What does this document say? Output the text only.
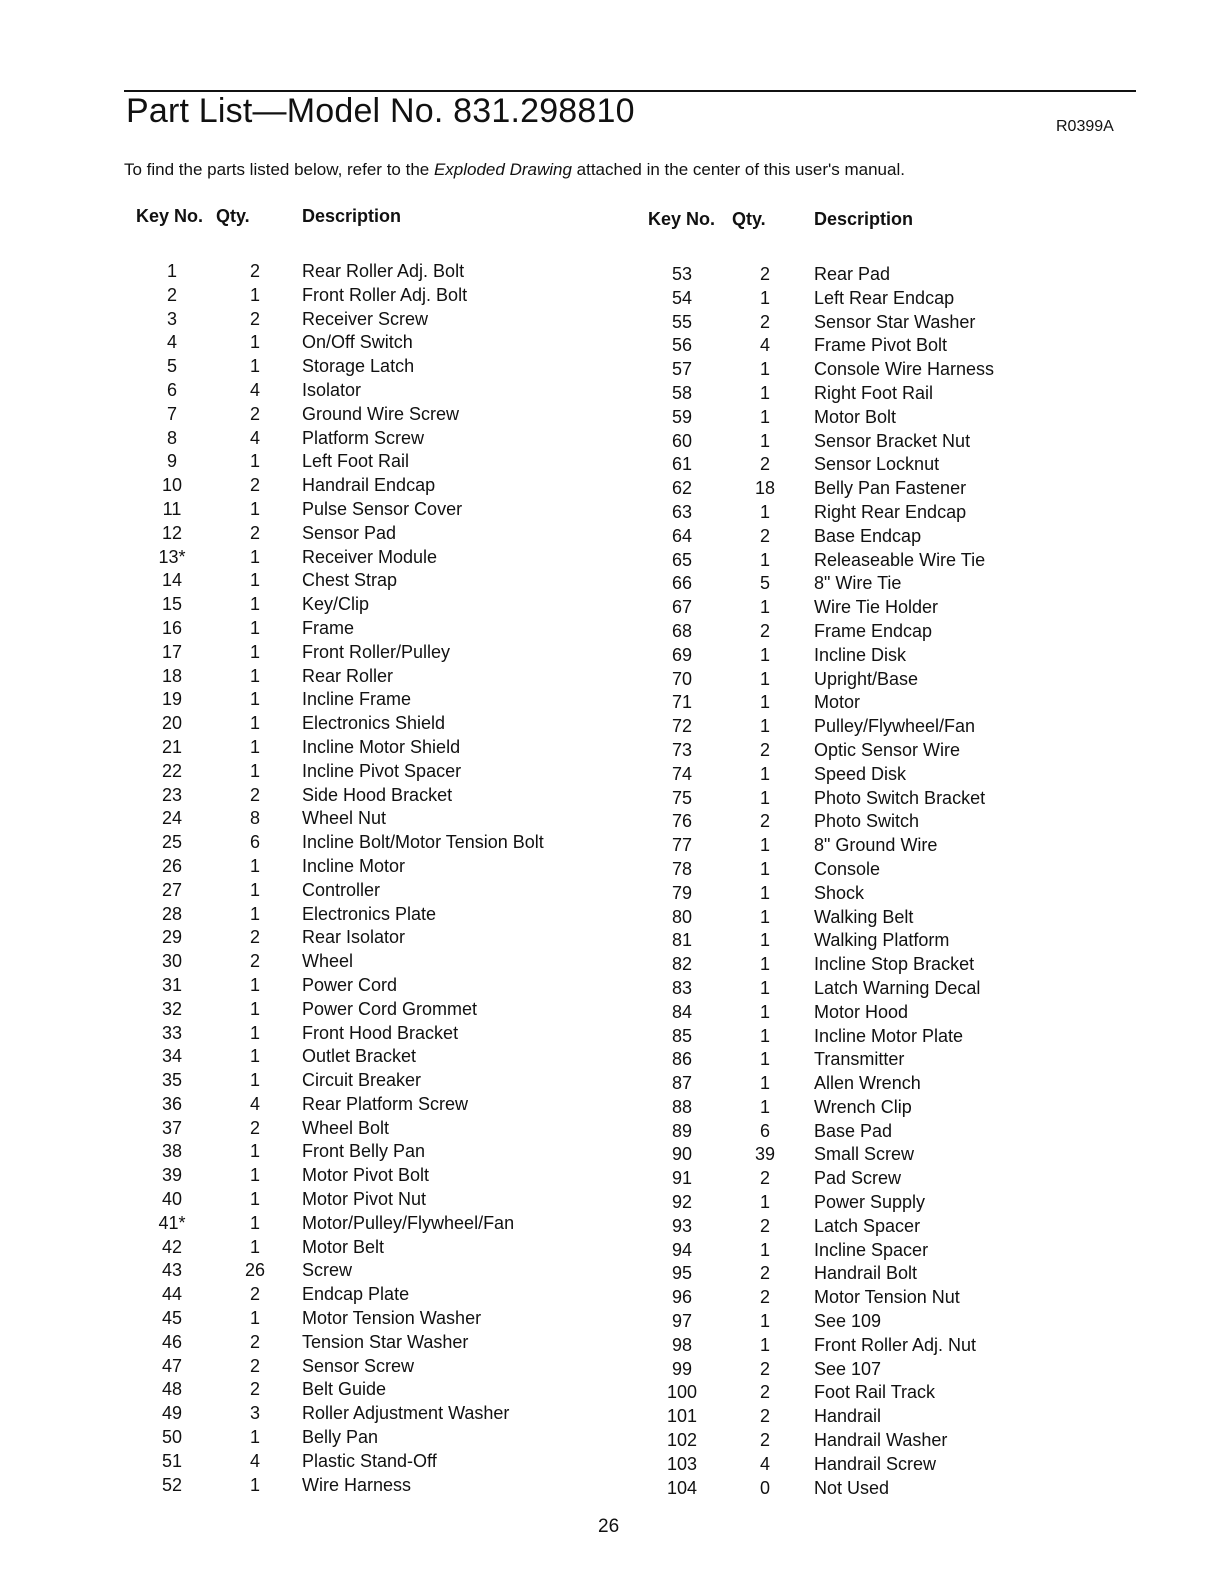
Part List—Model No. 831.298810	R0399A
To find the parts listed below, refer to the Exploded Drawing attached in the center of this user's manual.
Key No. Qty.	Description
1	2	Rear Roller Adj. Bolt
2	1	Front Roller Adj. Bolt
3	2	Receiver Screw
4	1	On/Off Switch
5	1	Storage Latch
6	4	Isolator
7	2	Ground Wire Screw
8	4	Platform Screw
9	1	Left Foot Rail
10	2	Handrail Endcap
11	1	Pulse Sensor Cover
12	2	Sensor Pad
13*	1	Receiver Module
14	1	Chest Strap
15	1	Key/Clip
16	1	Frame
17	1	Front Roller/Pulley
18	1	Rear Roller
19	1	Incline Frame
20	1	Electronics Shield
21	1	Incline Motor Shield
22	1	Incline Pivot Spacer
23	2	Side Hood Bracket
24	8	Wheel Nut
25	6	Incline Bolt/Motor Tension Bolt
26	1	Incline Motor
27	1	Controller
28	1	Electronics Plate
29	2	Rear Isolator
30	2	Wheel
31	1	Power Cord
32	1	Power Cord Grommet
33	1	Front Hood Bracket
34	1	Outlet Bracket
35	1	Circuit Breaker
36	4	Rear Platform Screw
37	2	Wheel Bolt
38	1	Front Belly Pan
39	1	Motor Pivot Bolt
40	1	Motor Pivot Nut
41*	1	Motor/Pulley/Flywheel/Fan
42	1	Motor Belt
43	26	Screw
44	2	Endcap Plate
45	1	Motor Tension Washer
46	2	Tension Star Washer
47	2	Sensor Screw
48	2	Belt Guide
49	3	Roller Adjustment Washer
50	1	Belly Pan
51	4	Plastic Stand-Off
52	1	Wire Harness
Key No. Qty.	Description
53	2	Rear Pad
54	1	Left Rear Endcap
55	2	Sensor Star Washer
56	4	Frame Pivot Bolt
57	1	Console Wire Harness
58	1	Right Foot Rail
59	1	Motor Bolt
60	1	Sensor Bracket Nut
61	2	Sensor Locknut
62	18	Belly Pan Fastener
63	1	Right Rear Endcap
64	2	Base Endcap
65	1	Releaseable Wire Tie
66	5	8" Wire Tie
67	1	Wire Tie Holder
68	2	Frame Endcap
69	1	Incline Disk
70	1	Upright/Base
71	1	Motor
72	1	Pulley/Flywheel/Fan
73	2	Optic Sensor Wire
74	1	Speed Disk
75	1	Photo Switch Bracket
76	2	Photo Switch
77	1	8" Ground Wire
78	1	Console
79	1	Shock
80	1	Walking Belt
81	1	Walking Platform
82	1	Incline Stop Bracket
83	1	Latch Warning Decal
84	1	Motor Hood
85	1	Incline Motor Plate
86	1	Transmitter
87	1	Allen Wrench
88	1	Wrench Clip
89	6	Base Pad
90	39	Small Screw
91	2	Pad Screw
92	1	Power Supply
93	2	Latch Spacer
94	1	Incline Spacer
95	2	Handrail Bolt
96	2	Motor Tension Nut
97	1	See 109
98	1	Front Roller Adj. Nut
99	2	See 107
100	2	Foot Rail Track
101	2	Handrail
102	2	Handrail Washer
103	4	Handrail Screw
104	0	Not Used
26
